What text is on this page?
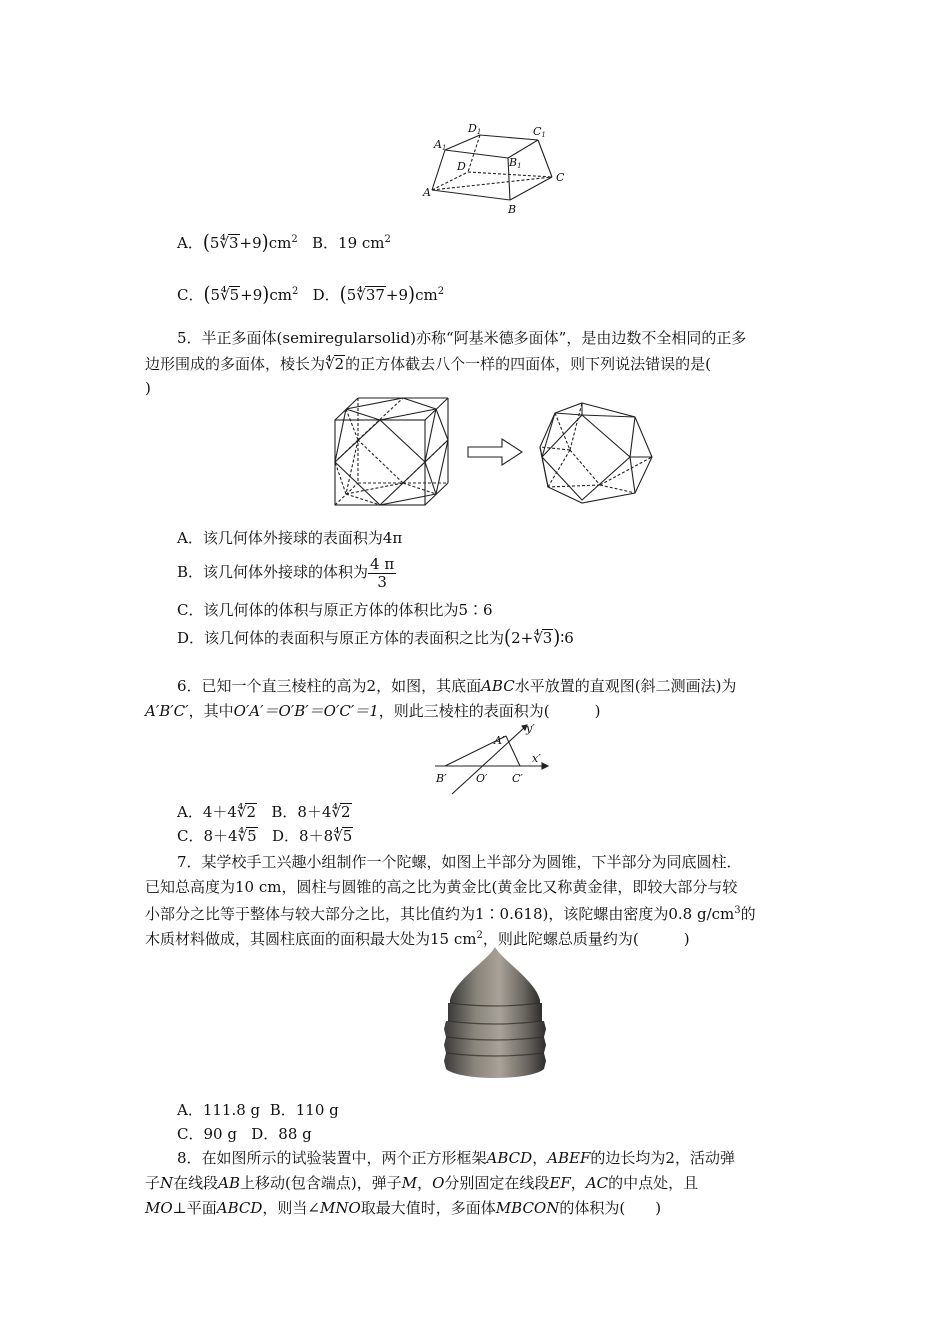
D1	C1
A1
D	B1
C
A
B
A．$(5∜3+9)cm^2$ B．19 $cm^2$
C．$(5∜5+9)cm^2$ D．$(5∜37+9)cm^2$
5．半正多面体(semiregularsolid)亦称“阿基米德多面体”，是由边数不全相同的正多
边形围成的多面体，棱长为∜2的正方体截去八个一样的四面体，则下列说法错误的是(
)
A．该几何体外接球的表面积为4π
B．该几何体外接球的体积为 $\frac{4 \pi}{3}$
C．该几何体的体积与原正方体的体积比为5∶6
D．该几何体的表面积与原正方体的表面积之比为(2+∜3)∶6
6．已知一个直三棱柱的高为2，如图，其底面ABC水平放置的直观图(斜二测画法)为
A′B′C′，其中O′A′＝O′B′＝O′C′＝1，则此三棱柱的表面积为(　　　)
y′
A′
x′
B′	O′ C′
A．4＋4∜2 B．8＋4∜2
C．8＋4∜5 D．8＋8∜5
7．某学校手工兴趣小组制作一个陀螺，如图上半部分为圆锥，下半部分为同底圆柱．
已知总高度为10 cm，圆柱与圆锥的高之比为黄金比(黄金比又称黄金律，即较大部分与较
小部分之比等于整体与较大部分之比，其比值约为1∶0.618)，该陀螺由密度为0.8 $g/cm^3$的
木质材料做成，其圆柱底面的面积最大处为15 $cm^2$，则此陀螺总质量约为(　　　)
A．111.8 g B．110 g
C．90 g D．88 g
8．在如图所示的试验装置中，两个正方形框架ABCD，ABEF的边长均为2，活动弹
子N在线段AB上移动(包含端点)，弹子M，O分别固定在线段EF，AC的中点处，且
MO⊥平面ABCD，则当∠MNO取最大值时，多面体MBCON的体积为(　　)
